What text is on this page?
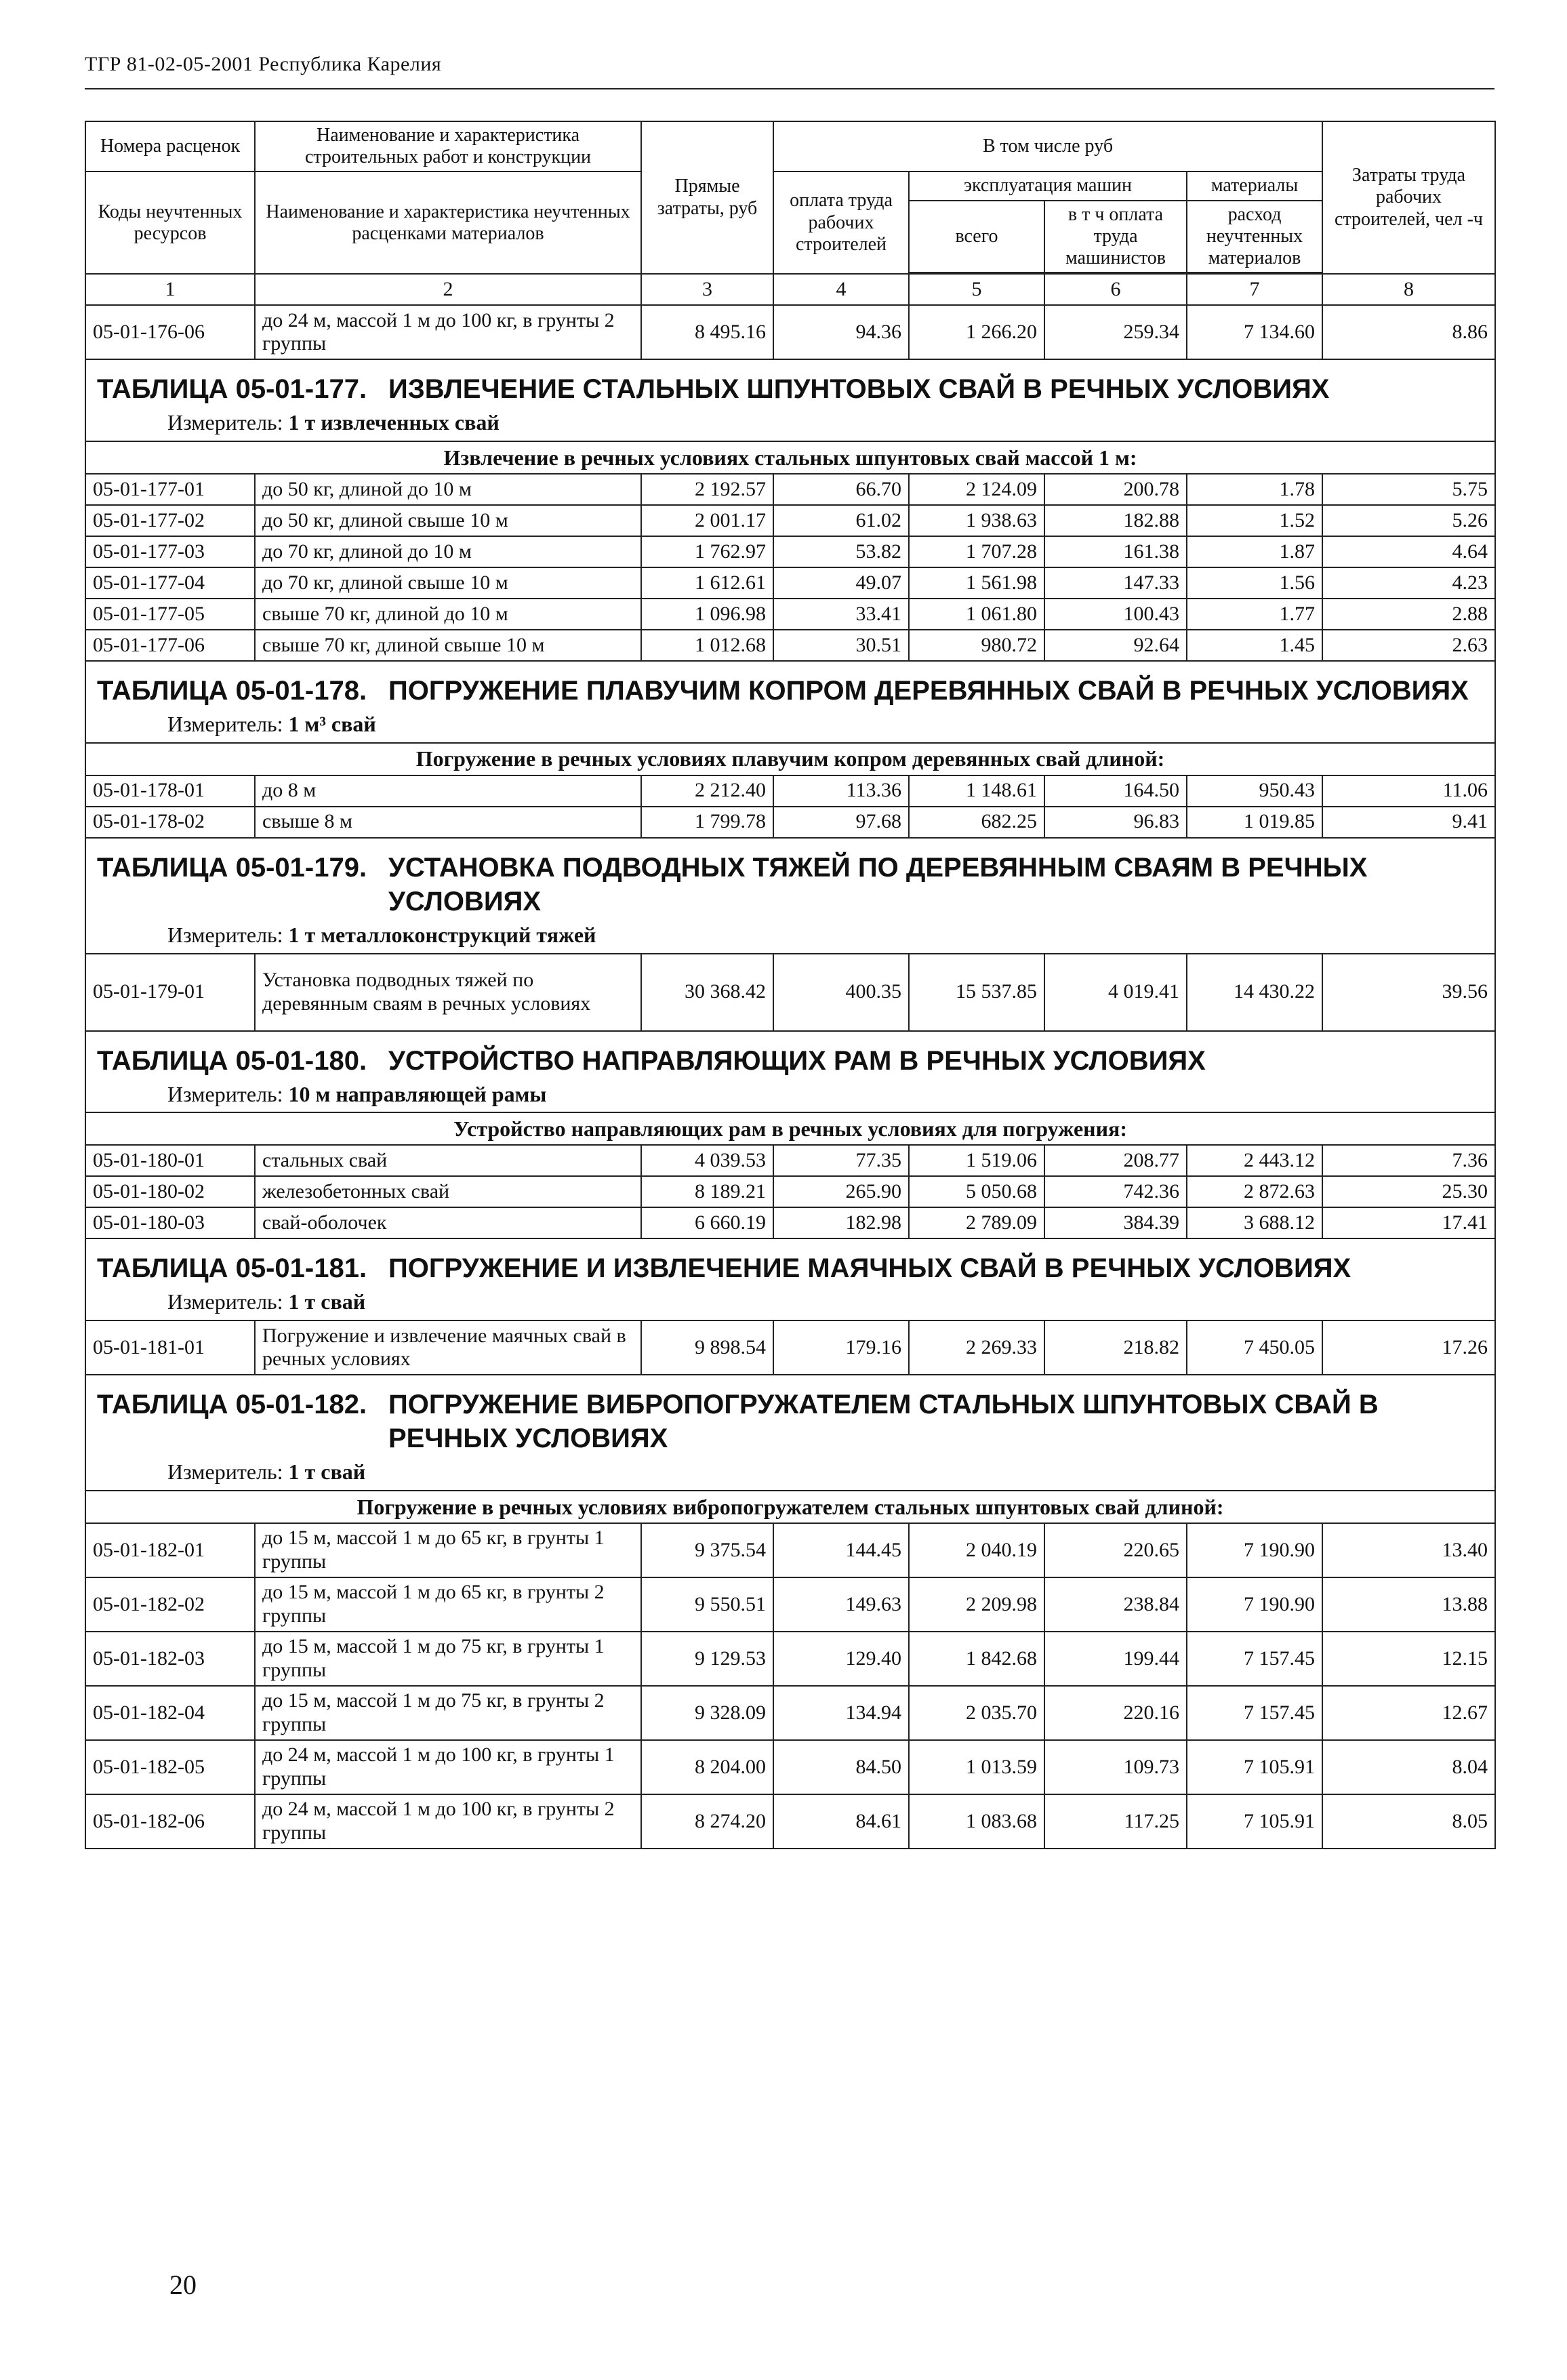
ТГР 81-02-05-2001 Республика Карелия
Номера расценок	Наименование и характеристика строительных работ и конструкции	Прямые затраты, руб	В том числе руб				Затраты труда рабочих строителей, чел -ч
Коды неучтенных ресурсов	Наименование и характеристика неучтенных расценками материалов		оплата труда рабочих строителей	эксплуатация машин		материалы	
				всего	в т ч оплата труда машинистов	расход неучтенных материалов	

1	2	3	4	5	6	7	8
05-01-176-06	до 24 м, массой 1 м до 100 кг, в грунты 2 группы	8 495.16	94.36	1 266.20	259.34	7 134.60	8.86

ТАБЛИЦА 05-01-177. ИЗВЛЕЧЕНИЕ СТАЛЬНЫХ ШПУНТОВЫХ СВАЙ В РЕЧНЫХ УСЛОВИЯХ
Измеритель: 1 т извлеченных свай							

Извлечение в речных условиях стальных шпунтовых свай массой 1 м:							
05-01-177-01	до 50 кг, длиной до 10 м	2 192.57	66.70	2 124.09	200.78	1.78	5.75
05-01-177-02	до 50 кг, длиной свыше 10 м	2 001.17	61.02	1 938.63	182.88	1.52	5.26
05-01-177-03	до 70 кг, длиной до 10 м	1 762.97	53.82	1 707.28	161.38	1.87	4.64
05-01-177-04	до 70 кг, длиной свыше 10 м	1 612.61	49.07	1 561.98	147.33	1.56	4.23
05-01-177-05	свыше 70 кг, длиной до 10 м	1 096.98	33.41	1 061.80	100.43	1.77	2.88
05-01-177-06	свыше 70 кг, длиной свыше 10 м	1 012.68	30.51	980.72	92.64	1.45	2.63

ТАБЛИЦА 05-01-178. ПОГРУЖЕНИЕ ПЛАВУЧИМ КОПРОМ ДЕРЕВЯННЫХ СВАЙ В РЕЧНЫХ УСЛОВИЯХ
Измеритель: 1 м³ свай							

Погружение в речных условиях плавучим копром деревянных свай длиной:							
05-01-178-01	до 8 м	2 212.40	113.36	1 148.61	164.50	950.43	11.06
05-01-178-02	свыше 8 м	1 799.78	97.68	682.25	96.83	1 019.85	9.41

ТАБЛИЦА 05-01-179. УСТАНОВКА ПОДВОДНЫХ ТЯЖЕЙ ПО ДЕРЕВЯННЫМ СВАЯМ В РЕЧНЫХ УСЛОВИЯХ
Измеритель: 1 т металлоконструкций тяжей							

05-01-179-01	Установка подводных тяжей по деревянным сваям в речных условиях	30 368.42	400.35	15 537.85	4 019.41	14 430.22	39.56

ТАБЛИЦА 05-01-180. УСТРОЙСТВО НАПРАВЛЯЮЩИХ РАМ В РЕЧНЫХ УСЛОВИЯХ
Измеритель: 10 м направляющей рамы							

Устройство направляющих рам в речных условиях для погружения:							
05-01-180-01	стальных свай	4 039.53	77.35	1 519.06	208.77	2 443.12	7.36
05-01-180-02	железобетонных свай	8 189.21	265.90	5 050.68	742.36	2 872.63	25.30
05-01-180-03	свай-оболочек	6 660.19	182.98	2 789.09	384.39	3 688.12	17.41

ТАБЛИЦА 05-01-181. ПОГРУЖЕНИЕ И ИЗВЛЕЧЕНИЕ МАЯЧНЫХ СВАЙ В РЕЧНЫХ УСЛОВИЯХ
Измеритель: 1 т свай							

05-01-181-01	Погружение и извлечение маячных свай в речных условиях	9 898.54	179.16	2 269.33	218.82	7 450.05	17.26

ТАБЛИЦА 05-01-182. ПОГРУЖЕНИЕ ВИБРОПОГРУЖАТЕЛЕМ СТАЛЬНЫХ ШПУНТОВЫХ СВАЙ В РЕЧНЫХ УСЛОВИЯХ
Измеритель: 1 т свай							

Погружение в речных условиях вибропогружателем стальных шпунтовых свай длиной:							
05-01-182-01	до 15 м, массой 1 м до 65 кг, в грунты 1 группы	9 375.54	144.45	2 040.19	220.65	7 190.90	13.40
05-01-182-02	до 15 м, массой 1 м до 65 кг, в грунты 2 группы	9 550.51	149.63	2 209.98	238.84	7 190.90	13.88
05-01-182-03	до 15 м, массой 1 м до 75 кг, в грунты 1 группы	9 129.53	129.40	1 842.68	199.44	7 157.45	12.15
05-01-182-04	до 15 м, массой 1 м до 75 кг, в грунты 2 группы	9 328.09	134.94	2 035.70	220.16	7 157.45	12.67
05-01-182-05	до 24 м, массой 1 м до 100 кг, в грунты 1 группы	8 204.00	84.50	1 013.59	109.73	7 105.91	8.04
05-01-182-06	до 24 м, массой 1 м до 100 кг, в грунты 2 группы	8 274.20	84.61	1 083.68	117.25	7 105.91	8.05
20
